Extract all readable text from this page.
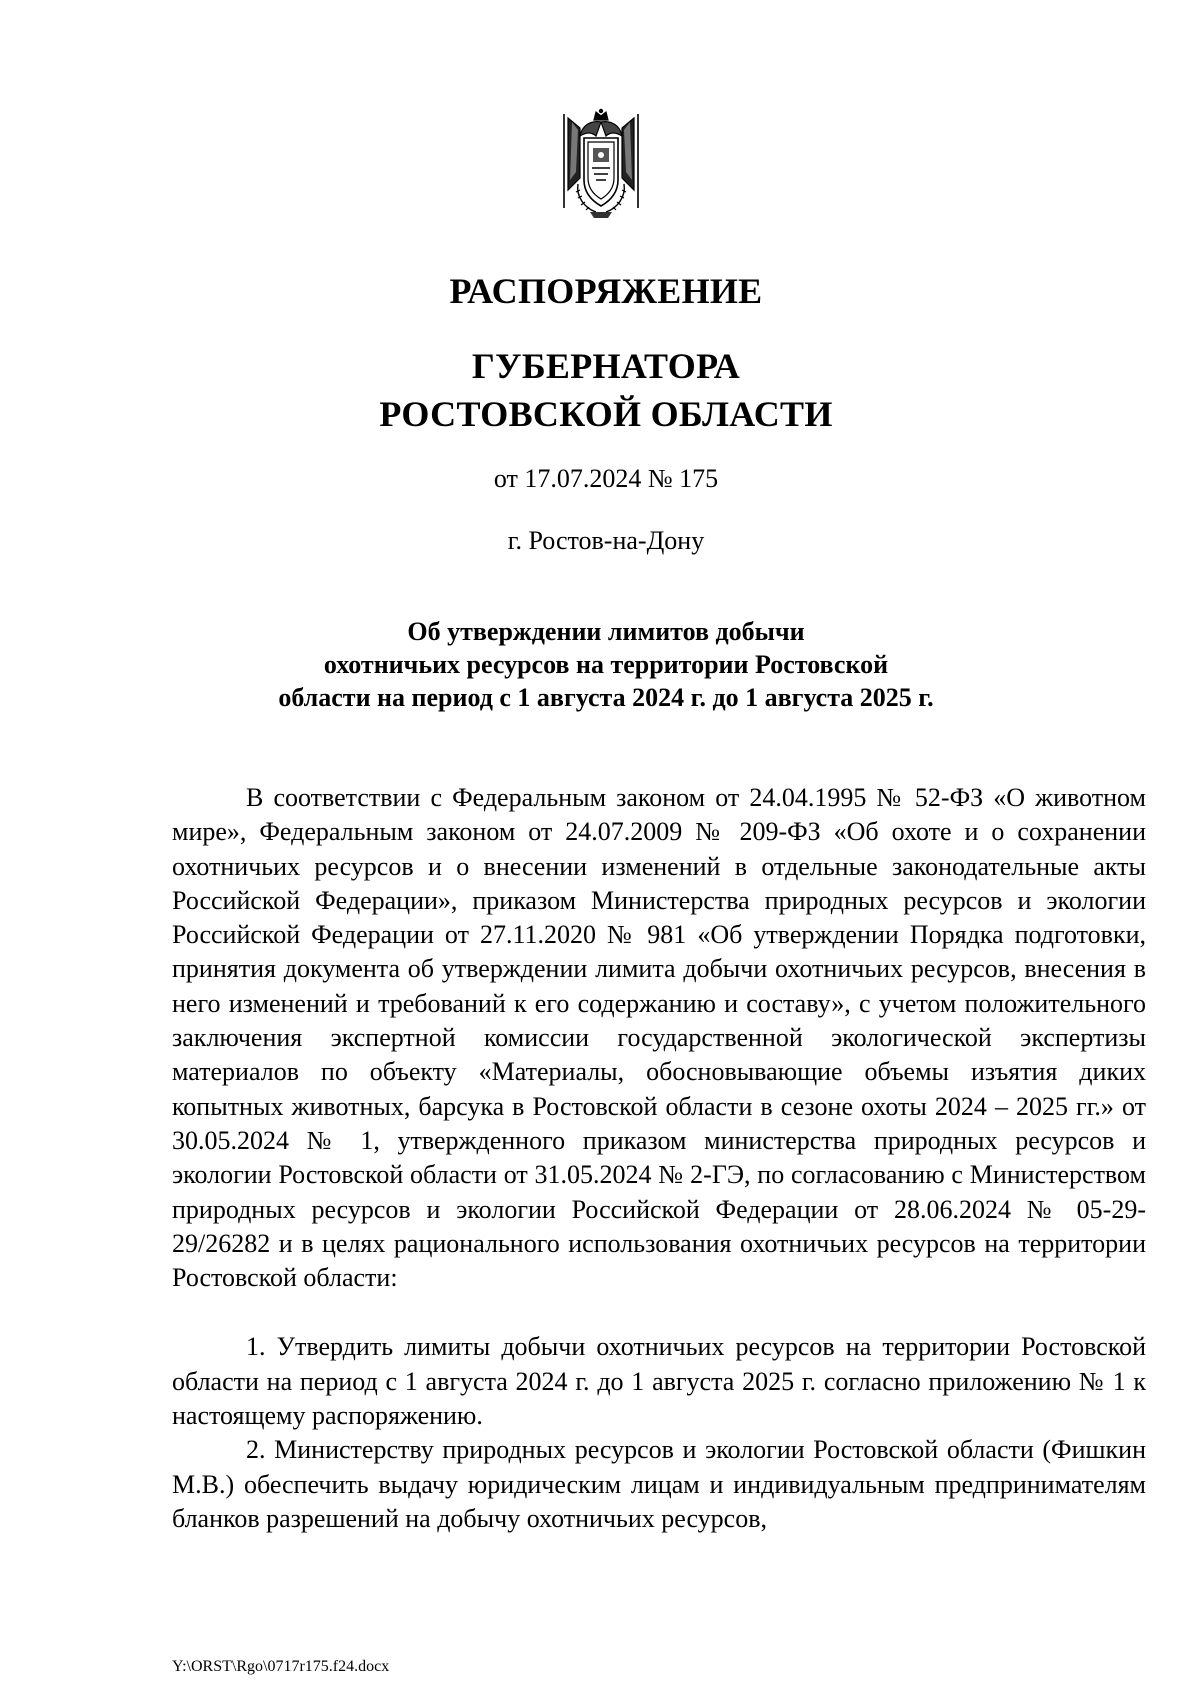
РАСПОРЯЖЕНИЕ
ГУБЕРНАТОРА
РОСТОВСКОЙ ОБЛАСТИ
от 17.07.2024 № 175
г. Ростов-на-Дону
Об утверждении лимитов добычи
охотничьих ресурсов на территории Ростовской
области на период с 1 августа 2024 г. до 1 августа 2025 г.

В соответствии с Федеральным законом от 24.04.1995 № 52-ФЗ «О животном мире», Федеральным законом от 24.07.2009 № 209-ФЗ «Об охоте и о сохранении охотничьих ресурсов и о внесении изменений в отдельные законодательные акты Российской Федерации», приказом Министерства природных ресурсов и экологии Российской Федерации от 27.11.2020 № 981 «Об утверждении Порядка подготовки, принятия документа об утверждении лимита добычи охотничьих ресурсов, внесения в него изменений и требований к его содержанию и составу», с учетом положительного заключения экспертной комиссии государственной экологической экспертизы материалов по объекту «Материалы, обосновывающие объемы изъятия диких копытных животных, барсука в Ростовской области в сезоне охоты 2024 – 2025 гг.» от 30.05.2024 № 1, утвержденного приказом министерства природных ресурсов и экологии Ростовской области от 31.05.2024 № 2-ГЭ, по согласованию с Министерством природных ресурсов и экологии Российской Федерации от 28.06.2024 № 05-29-29/26282 и в целях рационального использования охотничьих ресурсов на территории Ростовской области:

1. Утвердить лимиты добычи охотничьих ресурсов на территории Ростовской области на период с 1 августа 2024 г. до 1 августа 2025 г. согласно приложению № 1 к настоящему распоряжению.

2. Министерству природных ресурсов и экологии Ростовской области (Фишкин М.В.) обеспечить выдачу юридическим лицам и индивидуальным предпринимателям бланков разрешений на добычу охотничьих ресурсов,

Y:\ORST\Rgo\0717r175.f24.docx
